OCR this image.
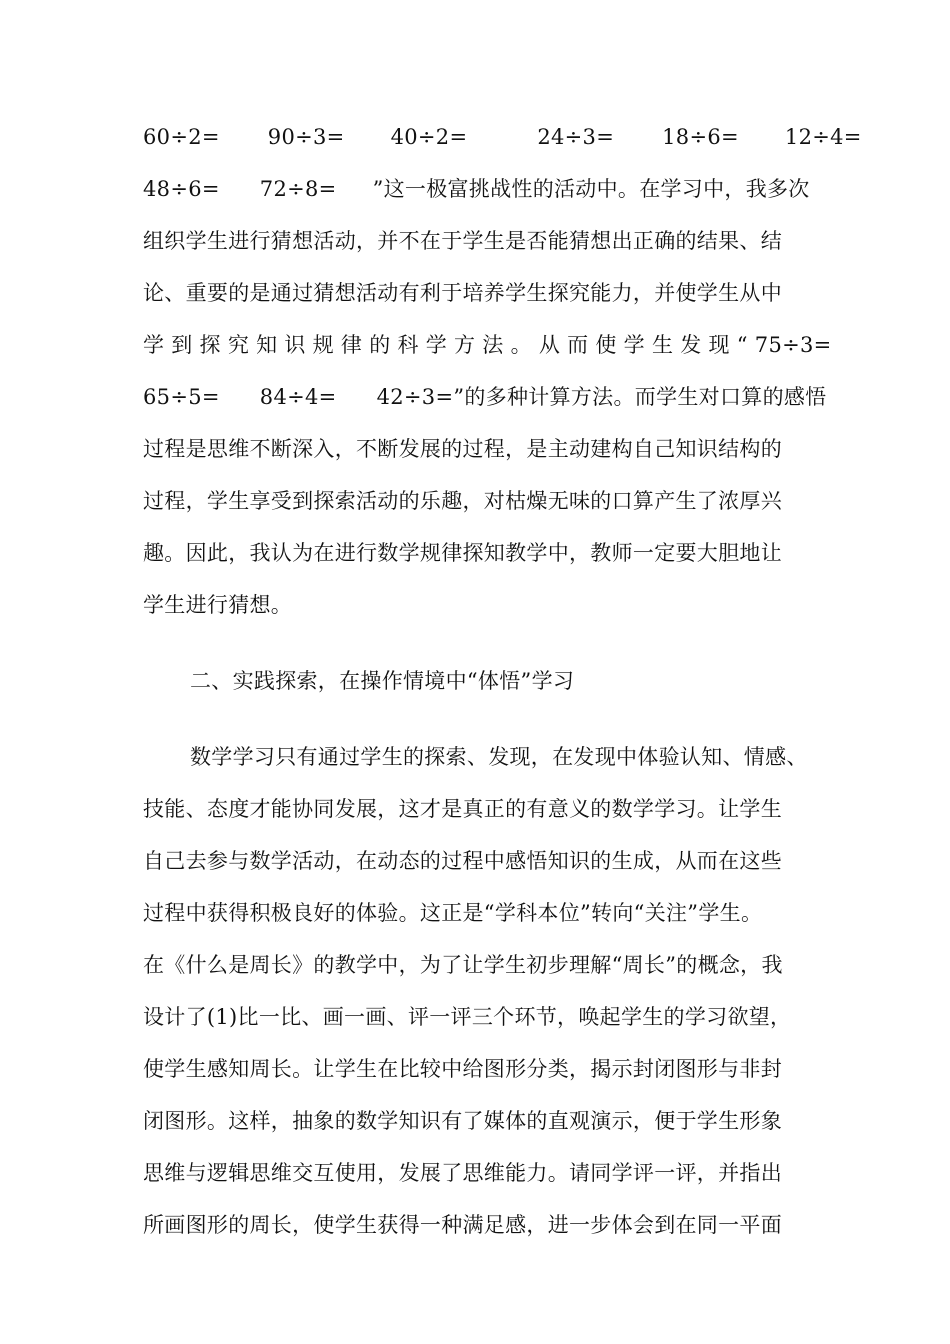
60÷2= 90÷3= 40÷2=	24÷3= 18÷6= 12÷4=
48÷6= 72÷8= ”这一极富挑战性的活动中。在学习中，我多次
组织学生进行猜想活动，并不在于学生是否能猜想出正确的结果、结
论、重要的是通过猜想活动有利于培养学生探究能力，并使学生从中
学 到 探 究 知 识 规 律 的 科 学 方 法 。 从 而 使 学 生 发 现 “ 75÷3=
65÷5= 84÷4= 42÷3=”的多种计算方法。而学生对口算的感悟
过程是思维不断深入，不断发展的过程，是主动建构自己知识结构的
过程，学生享受到探索活动的乐趣，对枯燥无味的口算产生了浓厚兴
趣。因此，我认为在进行数学规律探知教学中，教师一定要大胆地让
学生进行猜想。
二、实践探索，在操作情境中“体悟”学习
数学学习只有通过学生的探索、发现，在发现中体验认知、情感、
技能、态度才能协同发展，这才是真正的有意义的数学学习。让学生
自己去参与数学活动，在动态的过程中感悟知识的生成，从而在这些
过程中获得积极良好的体验。这正是“学科本位”转向“关注”学生。
在《什么是周长》的教学中，为了让学生初步理解“周长”的概念，我
设计了(1)比一比、画一画、评一评三个环节，唤起学生的学习欲望，
使学生感知周长。让学生在比较中给图形分类，揭示封闭图形与非封
闭图形。这样，抽象的数学知识有了媒体的直观演示，便于学生形象
思维与逻辑思维交互使用，发展了思维能力。请同学评一评，并指出
所画图形的周长，使学生获得一种满足感，进一步体会到在同一平面
